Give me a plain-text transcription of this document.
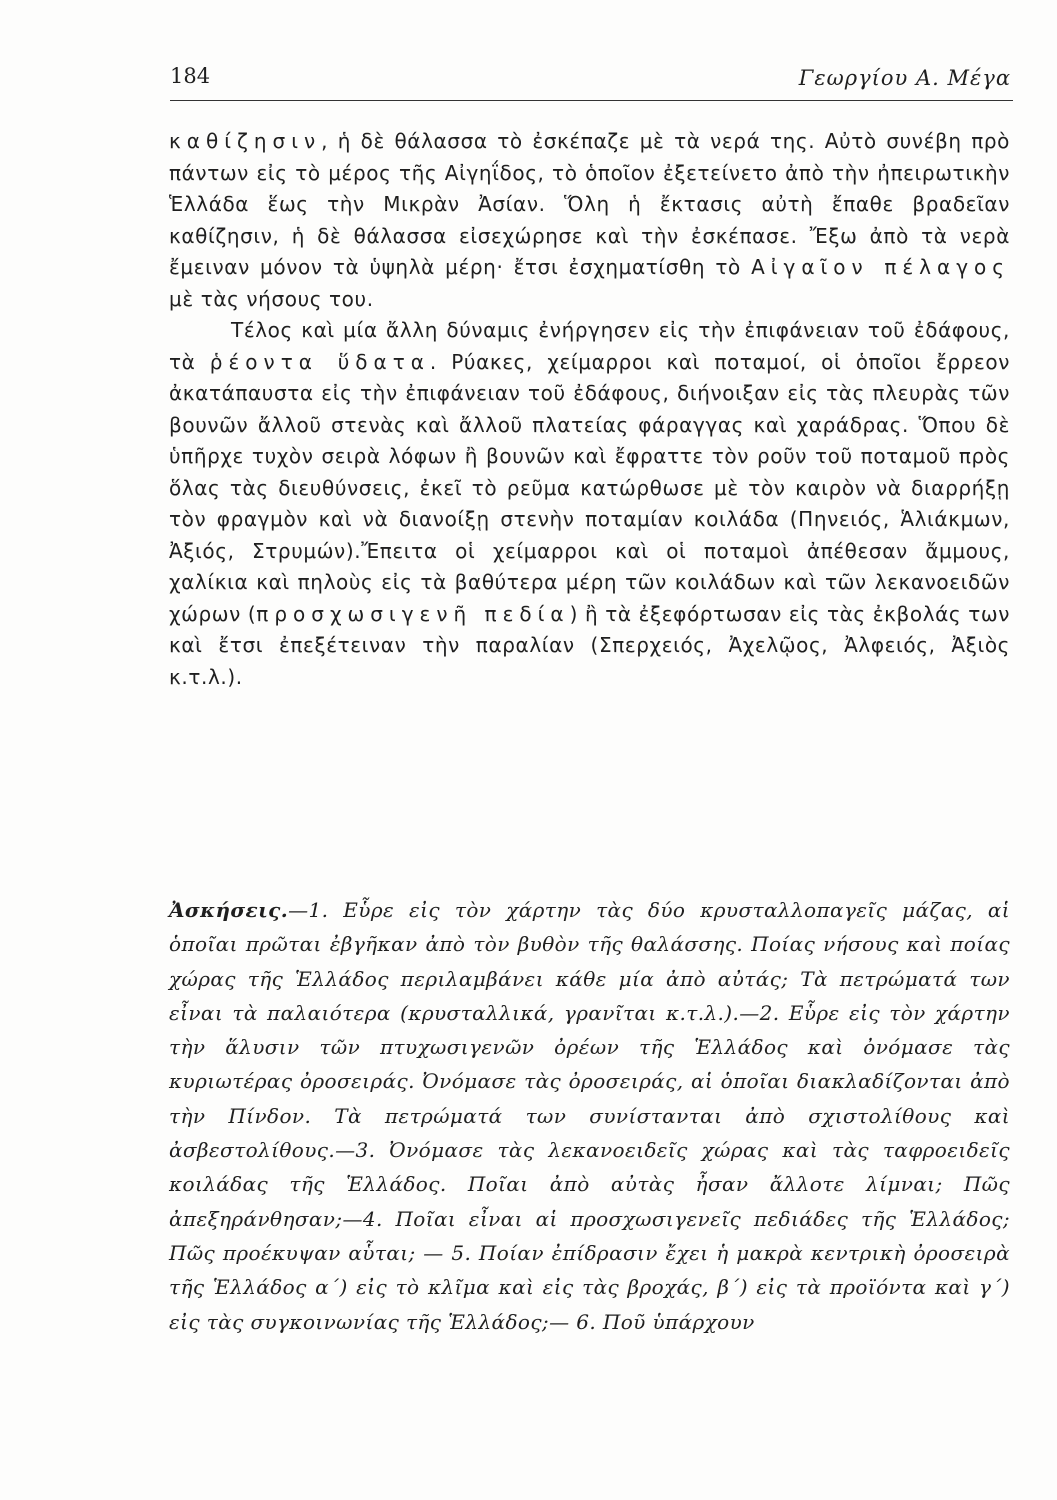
184	Γεωργίου Α. Μέγα

καθίζησιν, ἡ δὲ θάλασσα τὸ ἐσκέπαζε μὲ τὰ νερά της. Αὐτὸ συνέβη πρὸ πάντων εἰς τὸ μέρος τῆς Αἰγηΐδος, τὸ ὁποῖον ἐξετείνετο ἀπὸ τὴν ἠπειρωτικὴν Ἑλλάδα ἕως τὴν Μικρὰν Ἀσίαν. Ὅλη ἡ ἔκτασις αὐτὴ ἔπαθε βραδεῖαν καθίζησιν, ἡ δὲ θάλασσα εἰσεχώρησε καὶ τὴν ἐσκέπασε. Ἔξω ἀπὸ τὰ νερὰ ἔμειναν μόνον τὰ ὑψηλὰ μέρη· ἔτσι ἐσχηματίσθη τὸ Αἰγαῖον πέλαγος μὲ τὰς νήσους του.

Τέλος καὶ μία ἄλλη δύναμις ἐνήργησεν εἰς τὴν ἐπιφάνειαν τοῦ ἐδάφους, τὰ ῥέοντα ὕδατα. Ρύακες, χείμαρροι καὶ ποταμοί, οἱ ὁποῖοι ἔρρεον ἀκατάπαυστα εἰς τὴν ἐπιφάνειαν τοῦ ἐδάφους, διήνοιξαν εἰς τὰς πλευρὰς τῶν βουνῶν ἄλλοῦ στενὰς καὶ ἄλλοῦ πλατείας φάραγγας καὶ χαράδρας. Ὅπου δὲ ὑπῆρχε τυχὸν σειρὰ λόφων ἢ βουνῶν καὶ ἔφραττε τὸν ροῦν τοῦ ποταμοῦ πρὸς ὅλας τὰς διευθύνσεις, ἐκεῖ τὸ ρεῦμα κατώρθωσε μὲ τὸν καιρὸν νὰ διαρρήξῃ τὸν φραγμὸν καὶ νὰ διανοίξῃ στενὴν ποταμίαν κοιλάδα (Πηνειός, Ἁλιάκμων, Ἀξιός, Στρυμών).Ἔπειτα οἱ χείμαρροι καὶ οἱ ποταμοὶ ἀπέθεσαν ἄμμους, χαλίκια καὶ πηλοὺς εἰς τὰ βαθύτερα μέρη τῶν κοιλάδων καὶ τῶν λεκανοειδῶν χώρων (προσχωσιγενῆ πεδία) ἢ τὰ ἐξεφόρτωσαν εἰς τὰς ἐκβολάς των καὶ ἔτσι ἐπεξέτειναν τὴν παραλίαν (Σπερχειός, Ἀχελῷος, Ἀλφειός, Ἀξιὸς κ.τ.λ.).

Ἀσκήσεις.—1. Εὗρε εἰς τὸν χάρτην τὰς δύο κρυσταλλοπαγεῖς μάζας, αἱ ὁποῖαι πρῶται ἐβγῆκαν ἀπὸ τὸν βυθὸν τῆς θαλάσσης. Ποίας νήσους καὶ ποίας χώρας τῆς Ἑλλάδος περιλαμβάνει κάθε μία ἀπὸ αὐτάς; Τὰ πετρώματά των εἶναι τὰ παλαιότερα (κρυσταλλικά, γρανῖται κ.τ.λ.).—2. Εὗρε εἰς τὸν χάρτην τὴν ἅλυσιν τῶν πτυχωσιγενῶν ὀρέων τῆς Ἑλλάδος καὶ ὀνόμασε τὰς κυριωτέρας ὀροσειράς. Ὀνόμασε τὰς ὀροσειράς, αἱ ὁποῖαι διακλαδίζονται ἀπὸ τὴν Πίνδον. Τὰ πετρώματά των συνίστανται ἀπὸ σχιστολίθους καὶ ἀσβεστολίθους.—3. Ὀνόμασε τὰς λεκανοειδεῖς χώρας καὶ τὰς ταφροειδεῖς κοιλάδας τῆς Ἑλλάδος. Ποῖαι ἀπὸ αὐτὰς ἦσαν ἄλλοτε λίμναι; Πῶς ἀπεξηράνθησαν;—4. Ποῖαι εἶναι αἱ προσχωσιγενεῖς πεδιάδες τῆς Ἑλλάδος; Πῶς προέκυψαν αὗται; — 5. Ποίαν ἐπίδρασιν ἔχει ἡ μακρὰ κεντρικὴ ὀροσειρὰ τῆς Ἑλλάδος α΄) εἰς τὸ κλῖμα καὶ εἰς τὰς βροχάς, β΄) εἰς τὰ προϊόντα καὶ γ΄) εἰς τὰς συγκοινωνίας τῆς Ἑλλάδος;— 6. Ποῦ ὑπάρχουν
